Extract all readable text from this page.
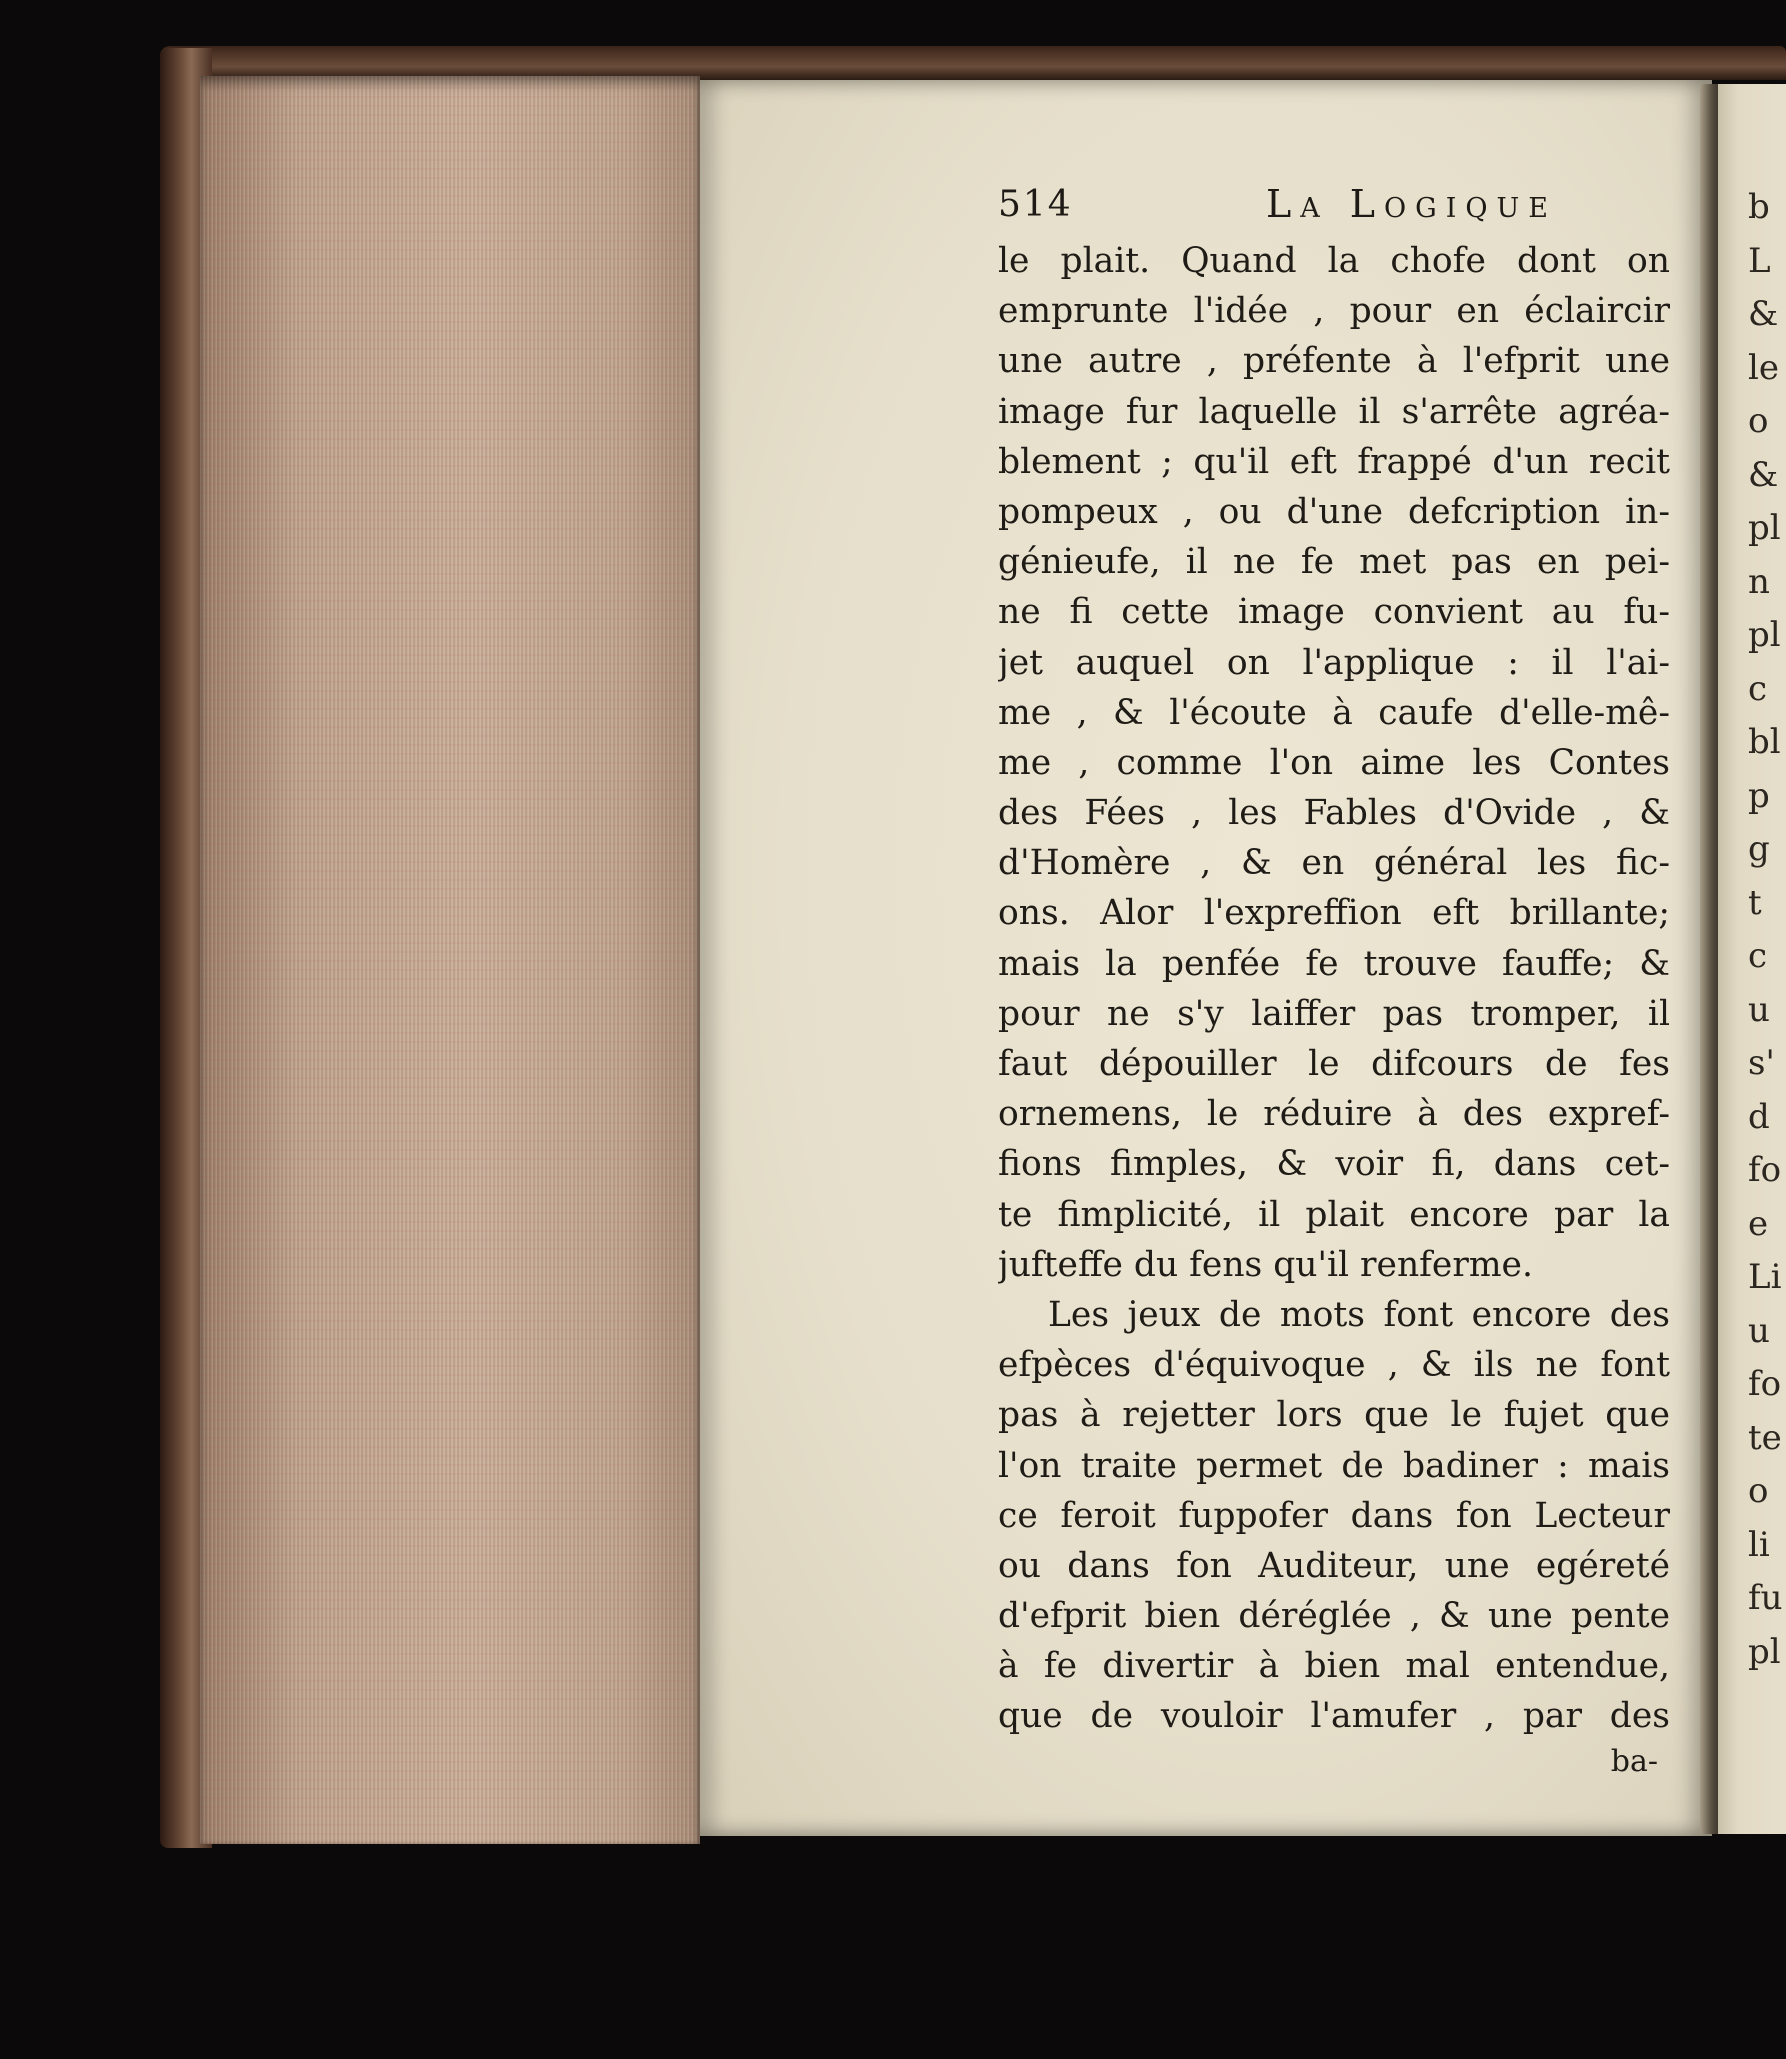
b
L
&
le
o
&
pl
n
pl
c
bl
p
g
t
c
u
s'
d
fo
e
Li
u
fo
te
o
li
fu
pl
514	La Logique
le plait. Quand la chofe dont on
emprunte l'idée , pour en éclaircir
une autre , préfente à l'efprit une
image fur laquelle il s'arrête agréa-
blement ; qu'il eft frappé d'un recit
pompeux , ou d'une defcription in-
génieufe, il ne fe met pas en pei-
ne fi cette image convient au fu-
jet auquel on l'applique : il l'ai-
me , & l'écoute à caufe d'elle-mê-
me , comme l'on aime les Contes
des Fées , les Fables d'Ovide , &
d'Homère , & en général les fic-
ons. Alor l'expreffion eft brillante;
mais la penfée fe trouve fauffe; &
pour ne s'y laiffer pas tromper, il
faut dépouiller le difcours de fes
ornemens, le réduire à des expref-
fions fimples, & voir fi, dans cet-
te fimplicité, il plait encore par la
jufteffe du fens qu'il renferme.
Les jeux de mots font encore des
efpèces d'équivoque , & ils ne font
pas à rejetter lors que le fujet que
l'on traite permet de badiner : mais
ce feroit fuppofer dans fon Lecteur
ou dans fon Auditeur, une egéreté
d'efprit bien déréglée , & une pente
à fe divertir à bien mal entendue,
que de vouloir l'amufer , par des
ba-
